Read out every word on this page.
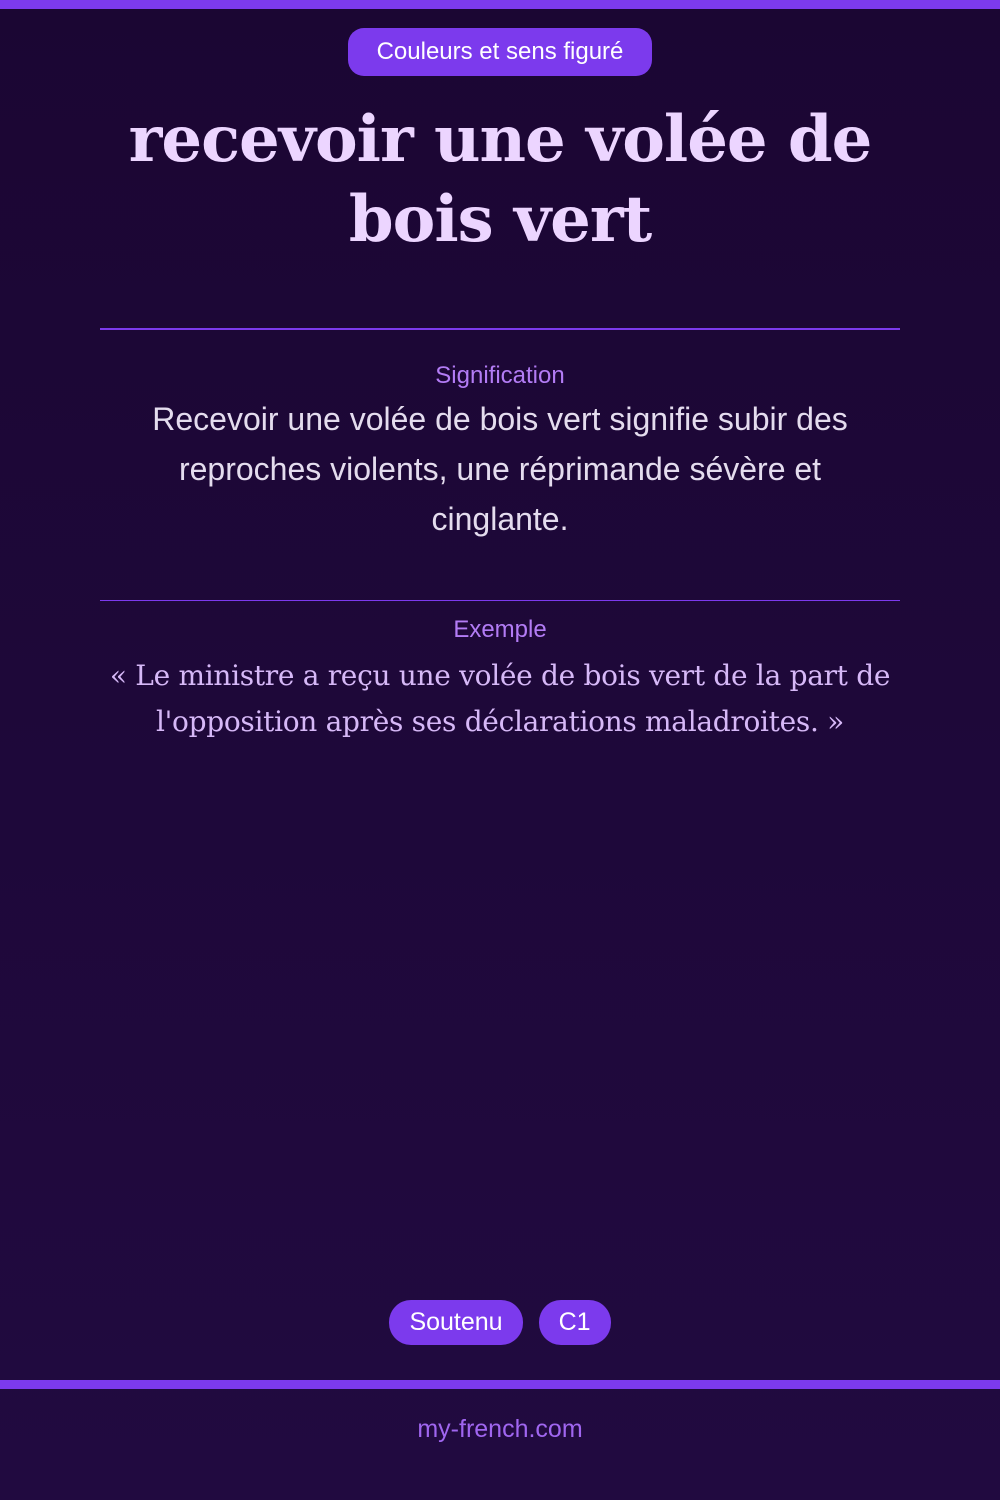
Couleurs et sens figuré
recevoir une volée de bois vert
Signification
Recevoir une volée de bois vert signifie subir des reproches violents, une réprimande sévère et cinglante.
Exemple
« Le ministre a reçu une volée de bois vert de la part de l'opposition après ses déclarations maladroites. »
Soutenu	C1
my-french.com
